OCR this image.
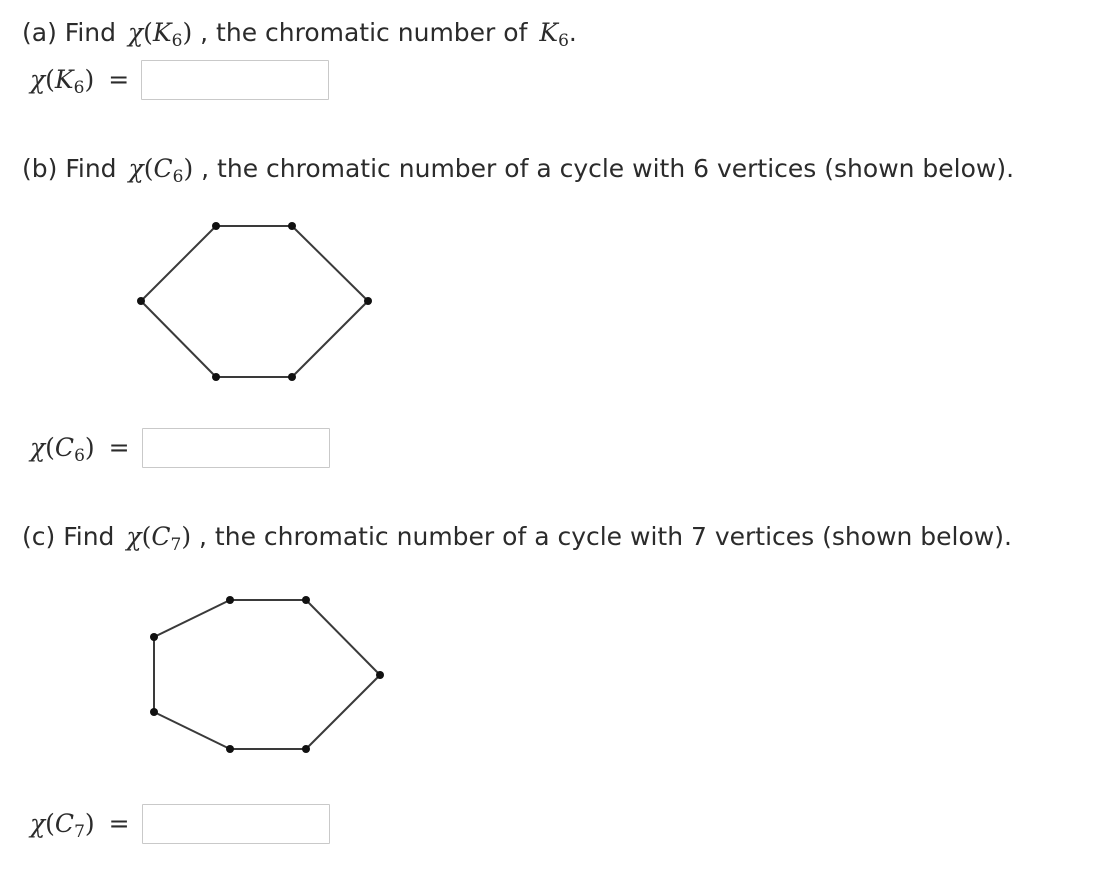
(a) Find $\chi(K_6)$ , the chromatic number of $K_6$.
$\chi(K_6)$ =
(b) Find $\chi(C_6)$ , the chromatic number of a cycle with 6 vertices (shown below).
$\chi(C_6)$ =
(c) Find $\chi(C_7)$ , the chromatic number of a cycle with 7 vertices (shown below).
$\chi(C_7)$ =
